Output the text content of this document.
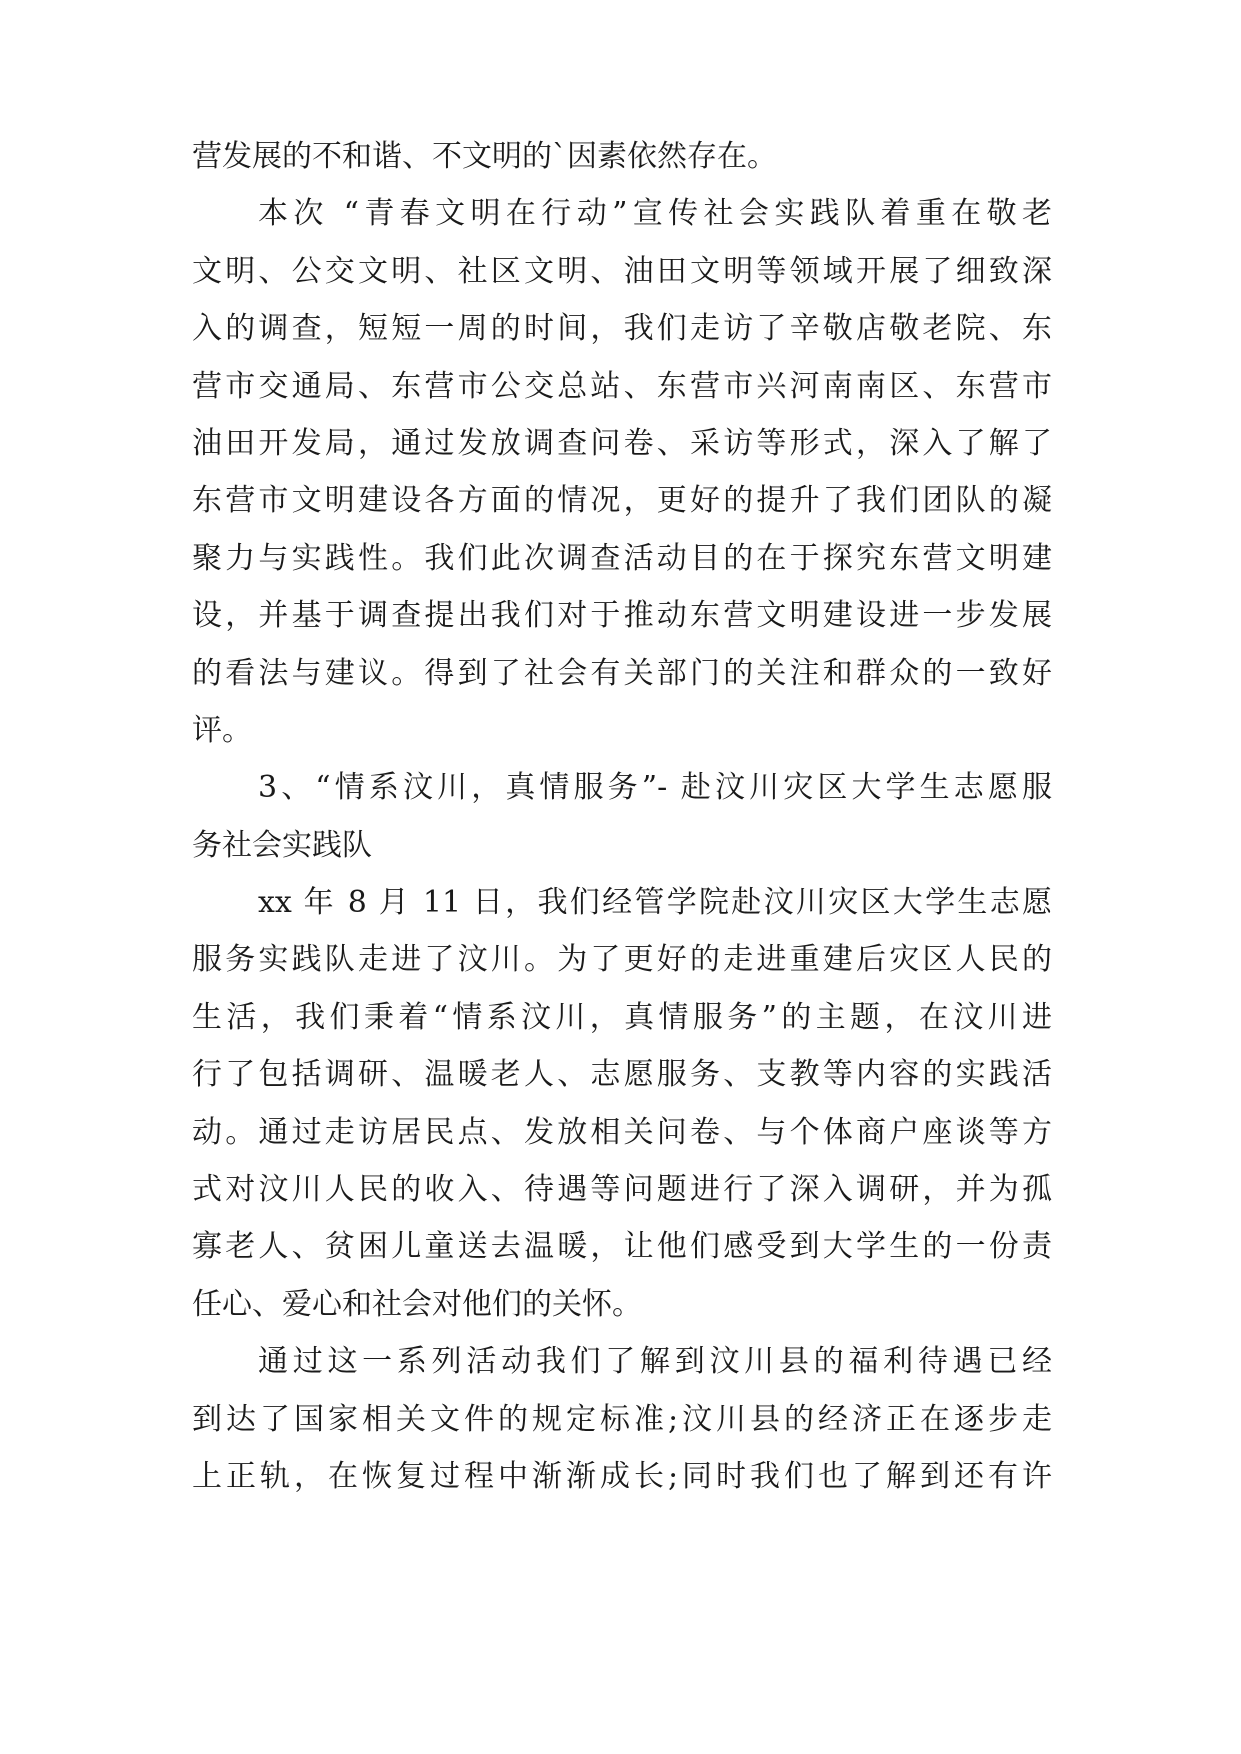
营发展的不和谐、不文明的`因素依然存在。
本次 “青春文明在行动”宣传社会实践队着重在敬老
文明、公交文明、社区文明、油田文明等领域开展了细致深
入的调查，短短一周的时间，我们走访了辛敬店敬老院、东
营市交通局、东营市公交总站、东营市兴河南南区、东营市
油田开发局，通过发放调查问卷、采访等形式，深入了解了
东营市文明建设各方面的情况，更好的提升了我们团队的凝
聚力与实践性。我们此次调查活动目的在于探究东营文明建
设，并基于调查提出我们对于推动东营文明建设进一步发展
的看法与建议。得到了社会有关部门的关注和群众的一致好
评。
3、“情系汶川，真情服务”- 赴汶川灾区大学生志愿服
务社会实践队
xx 年 8 月 11 日，我们经管学院赴汶川灾区大学生志愿
服务实践队走进了汶川。为了更好的走进重建后灾区人民的
生活，我们秉着“情系汶川，真情服务”的主题，在汶川进
行了包括调研、温暖老人、志愿服务、支教等内容的实践活
动。通过走访居民点、发放相关问卷、与个体商户座谈等方
式对汶川人民的收入、待遇等问题进行了深入调研，并为孤
寡老人、贫困儿童送去温暖，让他们感受到大学生的一份责
任心、爱心和社会对他们的关怀。
通过这一系列活动我们了解到汶川县的福利待遇已经
到达了国家相关文件的规定标准;汶川县的经济正在逐步走
上正轨，在恢复过程中渐渐成长;同时我们也了解到还有许
